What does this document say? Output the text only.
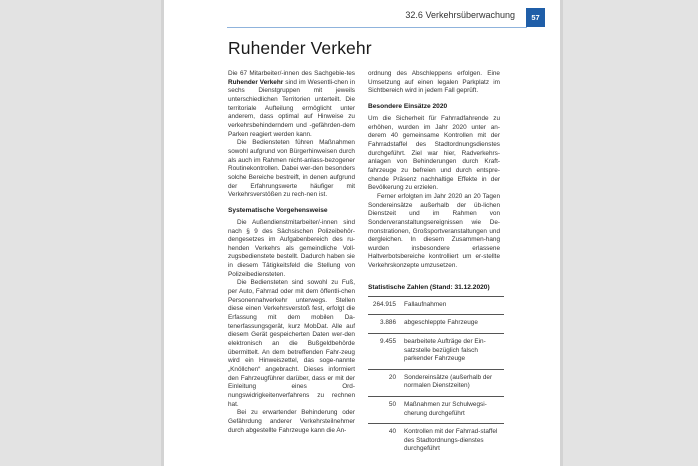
32.6 Verkehrsüberwachung	57
Ruhender Verkehr

Die 67 Mitarbeiter/-innen des Sachgebie-tes Ruhender Verkehr sind im Wesentli-chen in sechs Dienstgruppen mit jeweils unterschiedlichen Territorien unterteilt. Die territoriale Aufteilung ermöglicht unter anderem, dass optimal auf Hinweise zu verkehrsbehinderndem und -gefährden-dem Parken reagiert werden kann.

Die Bediensteten führen Maßnahmen sowohl aufgrund von Bürgerhinweisen durch als auch im Rahmen nicht-anlass-bezogener Routinekontrollen. Dabei wer-den besonders solche Bereiche bestreift, in denen aufgrund der Erfahrungswerte häufiger mit Verkehrsverstößen zu rech-nen ist.

Systematische Vorgehensweise

Die Außendienstmitarbeiter/-innen sind nach § 9 des Sächsischen Polizeibehör-dengesetzes im Aufgabenbereich des ru-henden Verkehrs als gemeindliche Voll-zugsbedienstete bestellt. Dadurch haben sie in diesem Tätigkeitsfeld die Stellung von Polizeibediensteten.

Die Bediensteten sind sowohl zu Fuß, per Auto, Fahrrad oder mit dem öffentli-chen Personennahverkehr unterwegs. Stellen diese einen Verkehrsverstoß fest, erfolgt die Erfassung mit dem mobilen Da-tenerfassungsgerät, kurz MobDat. Alle auf diesem Gerät gespeicherten Daten wer-den elektronisch an die Bußgeldbehörde übermittelt. An dem betreffenden Fahr-zeug wird ein Hinweiszettel, das soge-nannte „Knöllchen“ angebracht. Dieses informiert den Fahrzeugführer darüber, dass er mit der Einleitung eines Ord-nungswidrigkeitenverfahrens zu rechnen hat.

Bei zu erwartender Behinderung oder Gefährdung anderer Verkehrsteilnehmer durch abgestellte Fahrzeuge kann die An-

ordnung des Abschleppens erfolgen. Eine Umsetzung auf einen legalen Parkplatz im Sichtbereich wird in jedem Fall geprüft.

Besondere Einsätze 2020

Um die Sicherheit für Fahrradfahrende zu erhöhen, wurden im Jahr 2020 unter an-derem 40 gemeinsame Kontrollen mit der Fahrradstaffel des Stadtordnungsdienstes durchgeführt. Ziel war hier, Radverkehrs-anlagen von Behinderungen durch Kraft-fahrzeuge zu befreien und durch entspre-chende Präsenz nachhaltige Effekte in der Bevölkerung zu erzielen.

Ferner erfolgten im Jahr 2020 an 20 Tagen Sondereinsätze außerhalb der üb-lichen Dienstzeit und im Rahmen von Sonderveranstaltungsereignissen wie De-monstrationen, Großsportveranstaltungen und dergleichen. In diesem Zusammen-hang wurden insbesondere erlassene Haltverbotsbereiche kontrolliert um er-stellte Verkehrskonzepte umzusetzen.

Statistische Zahlen (Stand: 31.12.2020)
264.915	Fallaufnahmen
3.886	abgeschleppte Fahrzeuge
9.455	bearbeitete Aufträge der Ein-satzstelle bezüglich falsch parkender Fahrzeuge
20	Sondereinsätze (außerhalb der normalen Dienstzeiten)
50	Maßnahmen zur Schulwegsi-cherung durchgeführt
40	Kontrollen mit der Fahrrad-staffel des Stadtordnungs-dienstes durchgeführt
